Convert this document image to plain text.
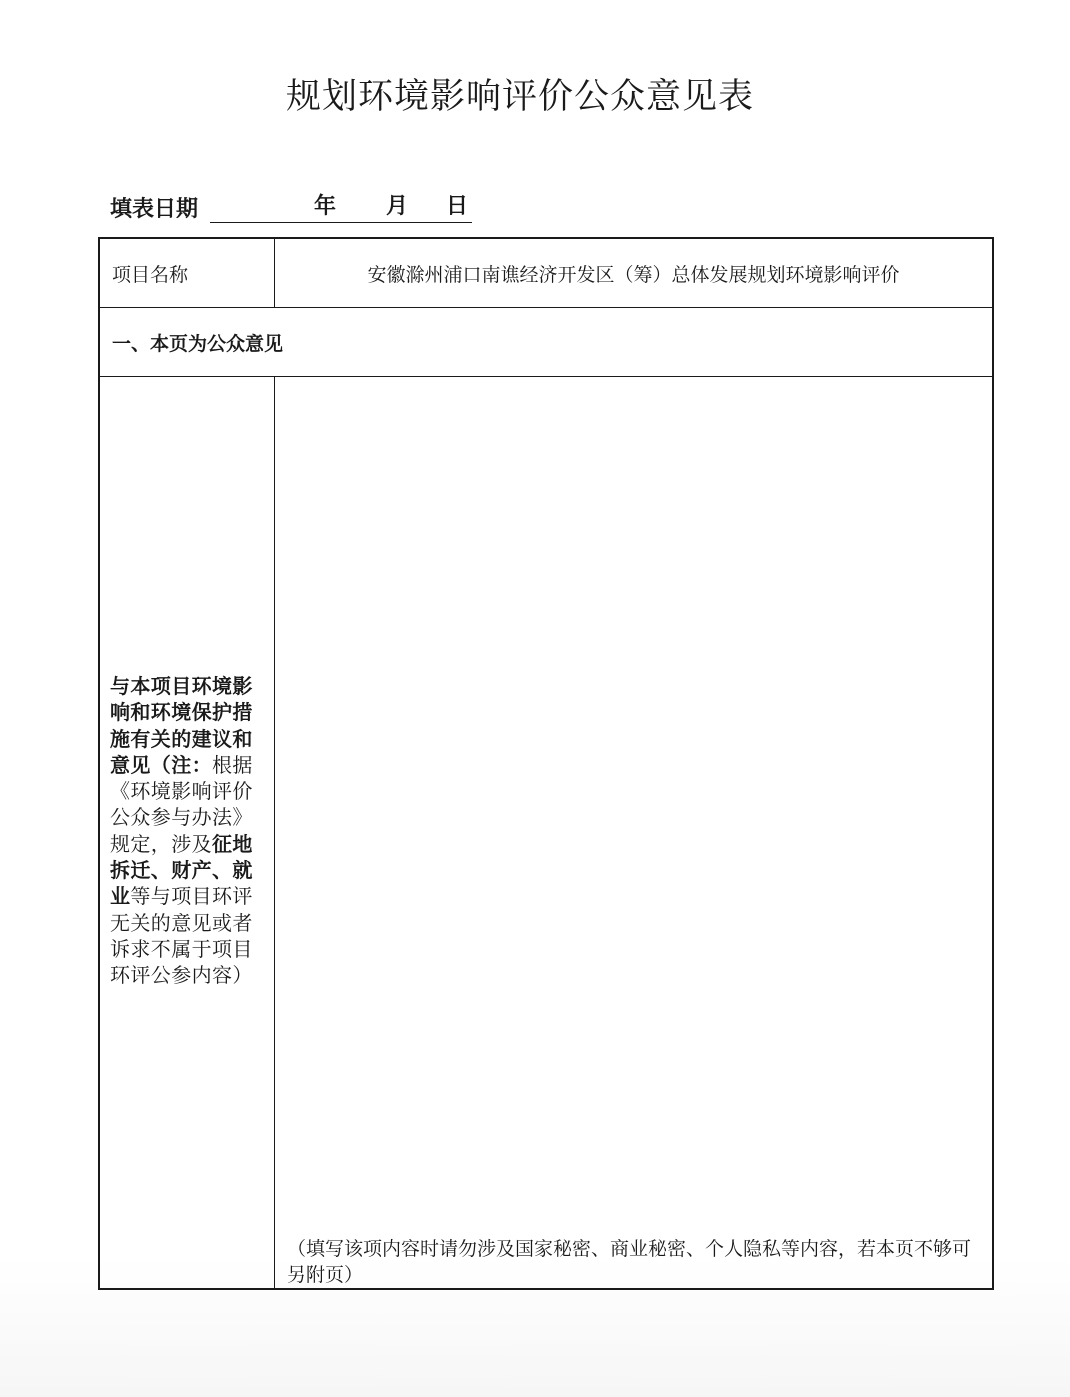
规划环境影响评价公众意见表
填表日期	年 月 日
项目名称	安徽滁州浦口南谯经济开发区（筹）总体发展规划环境影响评价
一、本页为公众意见
与本项目环境影响和环境保护措施有关的建议和意见（注：根据《环境影响评价公众参与办法》规定，涉及征地拆迁、财产、就业等与项目环评无关的意见或者诉求不属于项目环评公参内容）
（填写该项内容时请勿涉及国家秘密、商业秘密、个人隐私等内容，若本页不够可另附页）
